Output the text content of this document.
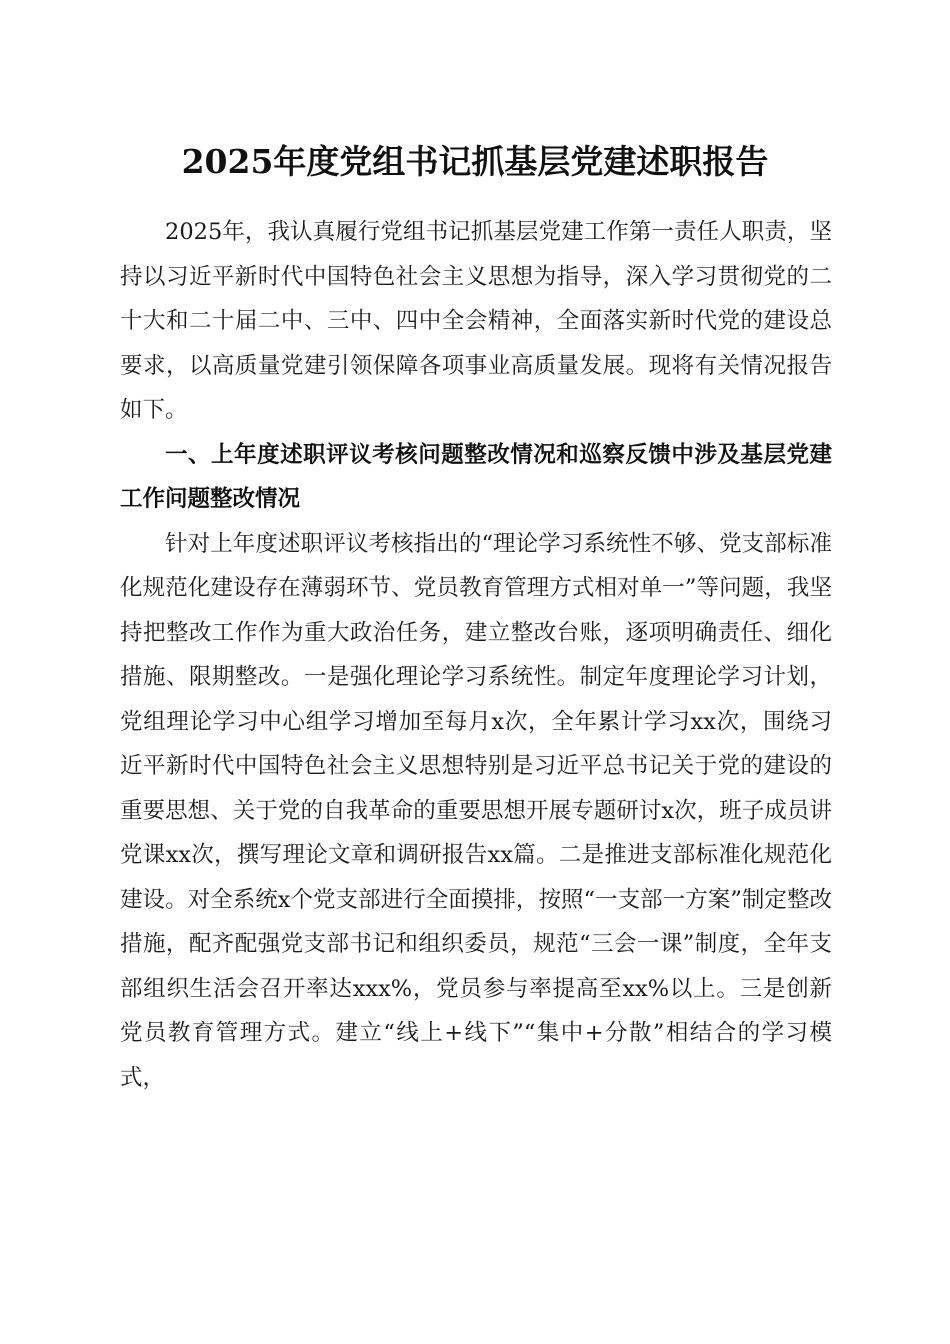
2025年度党组书记抓基层党建述职报告

2025年，我认真履行党组书记抓基层党建工作第一责任人职责，坚持以习近平新时代中国特色社会主义思想为指导，深入学习贯彻党的二十大和二十届二中、三中、四中全会精神，全面落实新时代党的建设总要求，以高质量党建引领保障各项事业高质量发展。现将有关情况报告如下。

一、上年度述职评议考核问题整改情况和巡察反馈中涉及基层党建工作问题整改情况

针对上年度述职评议考核指出的“理论学习系统性不够、党支部标准化规范化建设存在薄弱环节、党员教育管理方式相对单一”等问题，我坚持把整改工作作为重大政治任务，建立整改台账，逐项明确责任、细化措施、限期整改。一是强化理论学习系统性。制定年度理论学习计划，党组理论学习中心组学习增加至每月x次，全年累计学习xx次，围绕习近平新时代中国特色社会主义思想特别是习近平总书记关于党的建设的重要思想、关于党的自我革命的重要思想开展专题研讨x次，班子成员讲党课xx次，撰写理论文章和调研报告xx篇。二是推进支部标准化规范化建设。对全系统x个党支部进行全面摸排，按照“一支部一方案”制定整改措施，配齐配强党支部书记和组织委员，规范“三会一课”制度，全年支部组织生活会召开率达xxx%，党员参与率提高至xx%以上。三是创新党员教育管理方式。建立“线上+线下”“集中+分散”相结合的学习模式，
